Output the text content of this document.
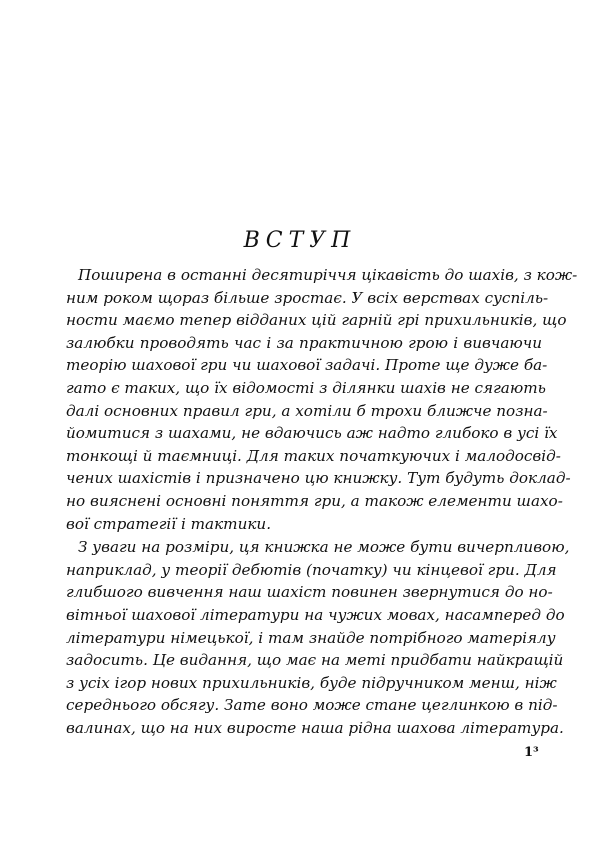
ВСТУП
Поширена в останні десятиріччя цікавість до шахів, з кож-
ним роком щораз більше зростає. У всіх верствах суспіль-
ности маємо тепер відданих цій гарній грі прихильників, що
залюбки проводять час і за практичною грою і вивчаючи
теорію шахової гри чи шахової задачі. Проте ще дуже ба-
гато є таких, що їх відомості з ділянки шахів не сягають
далі основних правил гри, а хотіли б трохи ближче позна-
йомитися з шахами, не вдаючись аж надто глибоко в усі їх
тонкощі й таємниці. Для таких початкуючих і малодосвід-
чених шахістів і призначено цю книжку. Тут будуть доклад-
но вияснені основні поняття гри, а також елементи шахо-
вої стратегії і тактики.
З уваги на розміри, ця книжка не може бути вичерпливою,
наприклад, у теорії дебютів (початку) чи кінцевої гри. Для
глибшого вивчення наш шахіст повинен звернутися до но-
вітньої шахової літератури на чужих мовах, насамперед до
літератури німецької, і там знайде потрібного матеріялу
задосить. Це видання, що має на меті придбати найкращій
з усіх ігор нових прихильників, буде підручником менш, ніж
середнього обсягу. Зате воно може стане цеглинкою в під-
валинах, що на них виросте наша рідна шахова література.
1³
